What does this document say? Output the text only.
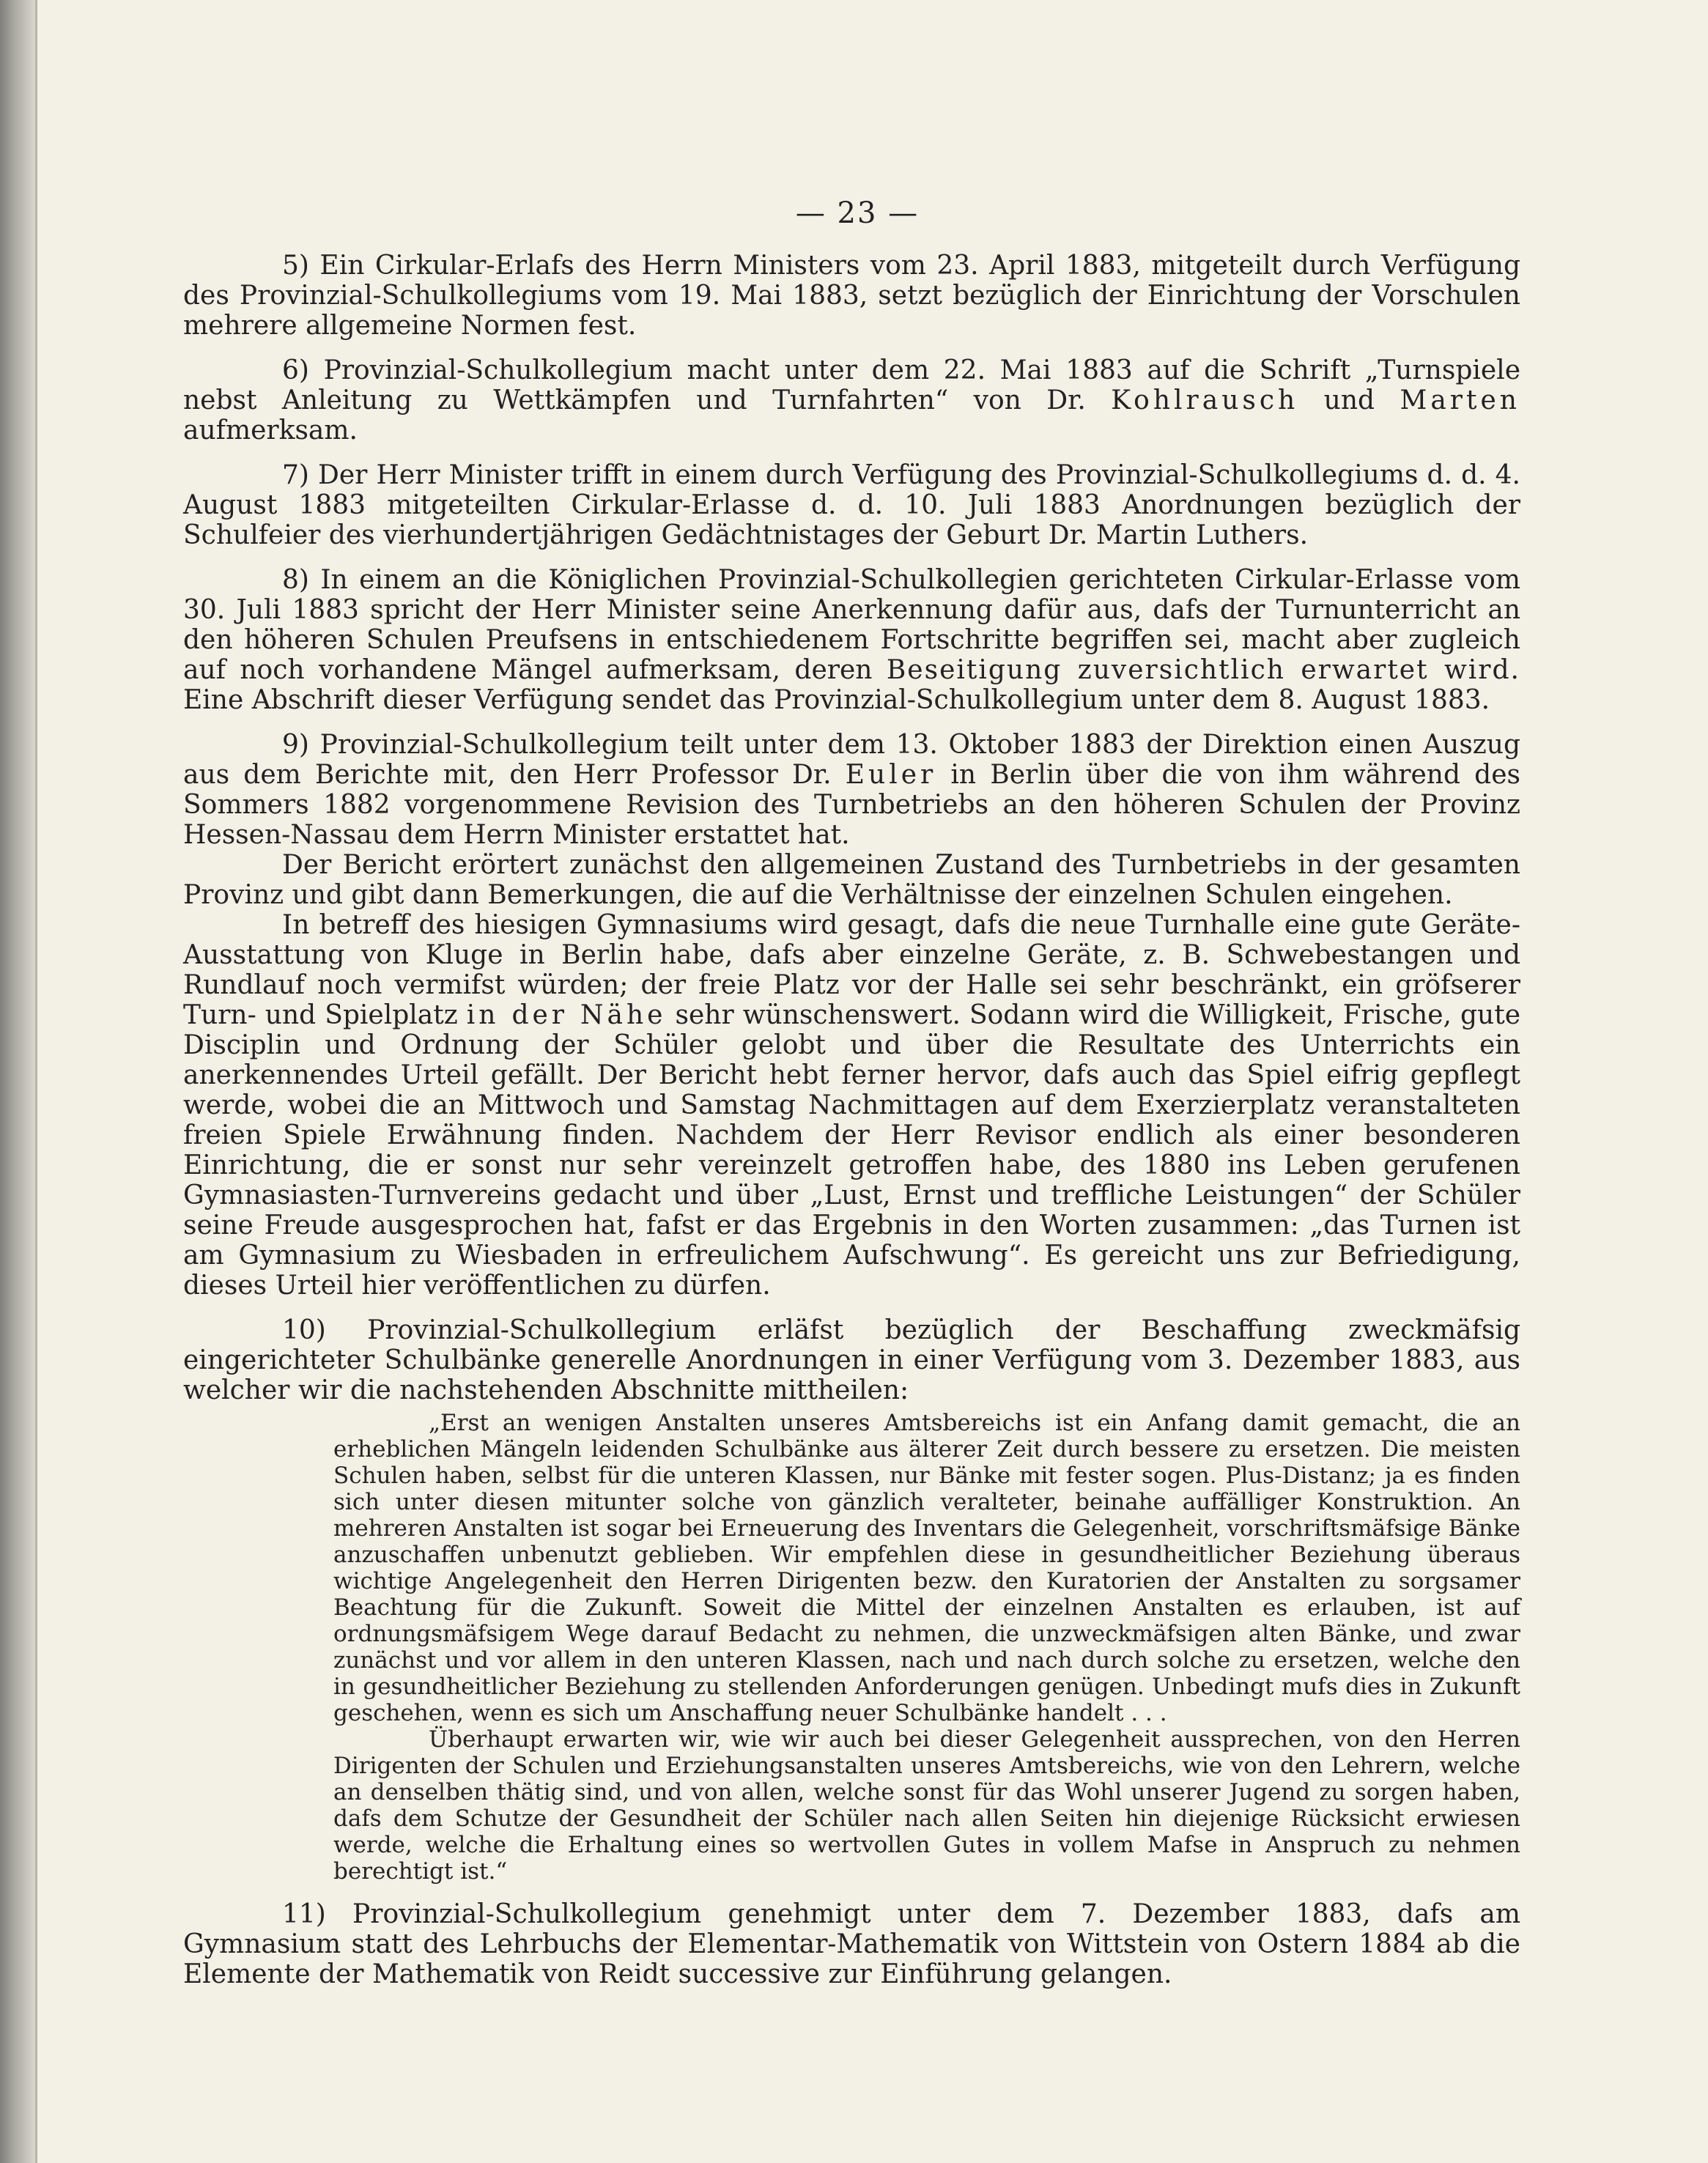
— 23 —

5) Ein Cirkular-Erlafs des Herrn Ministers vom 23. April 1883, mitgeteilt durch Verfügung des Provinzial-Schulkollegiums vom 19. Mai 1883, setzt bezüglich der Einrichtung der Vorschulen mehrere allgemeine Normen fest.

6) Provinzial-Schulkollegium macht unter dem 22. Mai 1883 auf die Schrift „Turnspiele nebst Anleitung zu Wettkämpfen und Turnfahrten“ von Dr. Kohlrausch und Marten aufmerksam.

7) Der Herr Minister trifft in einem durch Verfügung des Provinzial-Schulkollegiums d. d. 4. August 1883 mitgeteilten Cirkular-Erlasse d. d. 10. Juli 1883 Anordnungen bezüglich der Schulfeier des vierhundertjährigen Gedächtnistages der Geburt Dr. Martin Luthers.

8) In einem an die Königlichen Provinzial-Schulkollegien gerichteten Cirkular-Erlasse vom 30. Juli 1883 spricht der Herr Minister seine Anerkennung dafür aus, dafs der Turnunterricht an den höheren Schulen Preufsens in entschiedenem Fortschritte begriffen sei, macht aber zugleich auf noch vorhandene Mängel aufmerksam, deren Beseitigung zuversichtlich erwartet wird. Eine Abschrift dieser Verfügung sendet das Provinzial-Schulkollegium unter dem 8. August 1883.

9) Provinzial-Schulkollegium teilt unter dem 13. Oktober 1883 der Direktion einen Auszug aus dem Berichte mit, den Herr Professor Dr. Euler in Berlin über die von ihm während des Sommers 1882 vorgenommene Revision des Turnbetriebs an den höheren Schulen der Provinz Hessen-Nassau dem Herrn Minister erstattet hat.

Der Bericht erörtert zunächst den allgemeinen Zustand des Turnbetriebs in der gesamten Provinz und gibt dann Bemerkungen, die auf die Verhältnisse der einzelnen Schulen eingehen.

In betreff des hiesigen Gymnasiums wird gesagt, dafs die neue Turnhalle eine gute Geräte-Ausstattung von Kluge in Berlin habe, dafs aber einzelne Geräte, z. B. Schwebestangen und Rundlauf noch vermifst würden; der freie Platz vor der Halle sei sehr beschränkt, ein gröfserer Turn- und Spielplatz in der Nähe sehr wünschenswert. Sodann wird die Willigkeit, Frische, gute Disciplin und Ordnung der Schüler gelobt und über die Resultate des Unterrichts ein anerkennendes Urteil gefällt. Der Bericht hebt ferner hervor, dafs auch das Spiel eifrig gepflegt werde, wobei die an Mittwoch und Samstag Nachmittagen auf dem Exerzierplatz veranstalteten freien Spiele Erwähnung finden. Nachdem der Herr Revisor endlich als einer besonderen Einrichtung, die er sonst nur sehr vereinzelt getroffen habe, des 1880 ins Leben gerufenen Gymnasiasten-Turnvereins gedacht und über „Lust, Ernst und treffliche Leistungen“ der Schüler seine Freude ausgesprochen hat, fafst er das Ergebnis in den Worten zusammen: „das Turnen ist am Gymnasium zu Wiesbaden in erfreulichem Aufschwung“. Es gereicht uns zur Befriedigung, dieses Urteil hier veröffentlichen zu dürfen.

10) Provinzial-Schulkollegium erläfst bezüglich der Beschaffung zweckmäfsig eingerichteter Schulbänke generelle Anordnungen in einer Verfügung vom 3. Dezember 1883, aus welcher wir die nachstehenden Abschnitte mittheilen:

„Erst an wenigen Anstalten unseres Amtsbereichs ist ein Anfang damit gemacht, die an erheblichen Mängeln leidenden Schulbänke aus älterer Zeit durch bessere zu ersetzen. Die meisten Schulen haben, selbst für die unteren Klassen, nur Bänke mit fester sogen. Plus-Distanz; ja es finden sich unter diesen mitunter solche von gänzlich veralteter, beinahe auffälliger Konstruktion. An mehreren Anstalten ist sogar bei Erneuerung des Inventars die Gelegenheit, vorschriftsmäfsige Bänke anzuschaffen unbenutzt geblieben. Wir empfehlen diese in gesundheitlicher Beziehung überaus wichtige Angelegenheit den Herren Dirigenten bezw. den Kuratorien der Anstalten zu sorgsamer Beachtung für die Zukunft. Soweit die Mittel der einzelnen Anstalten es erlauben, ist auf ordnungsmäfsigem Wege darauf Bedacht zu nehmen, die unzweckmäfsigen alten Bänke, und zwar zunächst und vor allem in den unteren Klassen, nach und nach durch solche zu ersetzen, welche den in gesundheitlicher Beziehung zu stellenden Anforderungen genügen. Unbedingt mufs dies in Zukunft geschehen, wenn es sich um Anschaffung neuer Schulbänke handelt . . .

Überhaupt erwarten wir, wie wir auch bei dieser Gelegenheit aussprechen, von den Herren Dirigenten der Schulen und Erziehungsanstalten unseres Amtsbereichs, wie von den Lehrern, welche an denselben thätig sind, und von allen, welche sonst für das Wohl unserer Jugend zu sorgen haben, dafs dem Schutze der Gesundheit der Schüler nach allen Seiten hin diejenige Rücksicht erwiesen werde, welche die Erhaltung eines so wertvollen Gutes in vollem Mafse in Anspruch zu nehmen berechtigt ist.“

11) Provinzial-Schulkollegium genehmigt unter dem 7. Dezember 1883, dafs am Gymnasium statt des Lehrbuchs der Elementar-Mathematik von Wittstein von Ostern 1884 ab die Elemente der Mathematik von Reidt successive zur Einführung gelangen.
